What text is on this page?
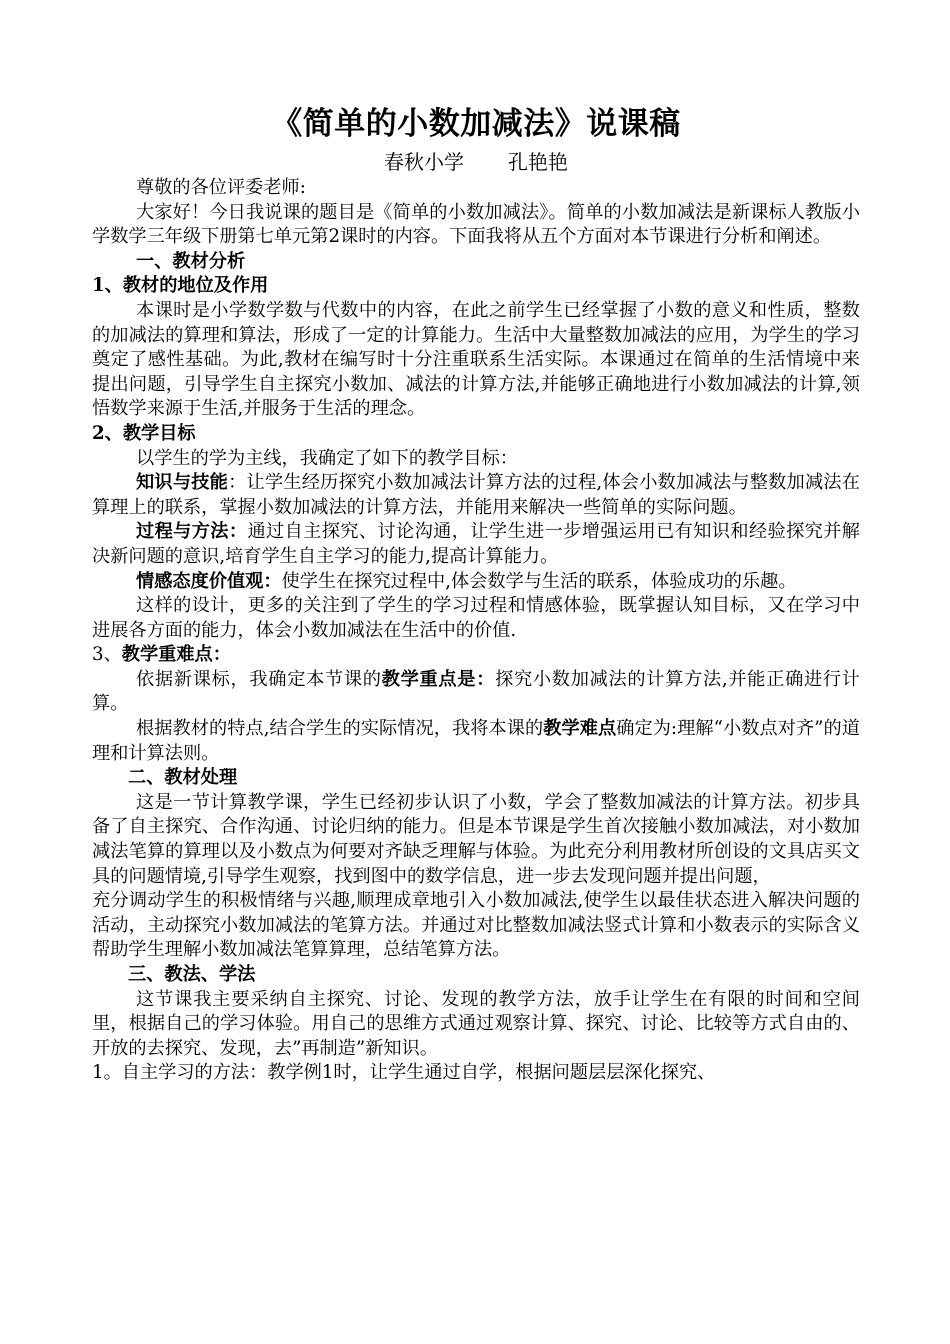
《简单的小数加减法》说课稿
春秋小学 孔艳艳

尊敬的各位评委老师:

大家好！今日我说课的题目是《简单的小数加减法》。简单的小数加减法是新课标人教版小学数学三年级下册第七单元第2课时的内容。下面我将从五个方面对本节课进行分析和阐述。

一、教材分析

1、教材的地位及作用

本课时是小学数学数与代数中的内容，在此之前学生已经掌握了小数的意义和性质，整数的加减法的算理和算法，形成了一定的计算能力。生活中大量整数加减法的应用，为学生的学习奠定了感性基础。为此,教材在编写时十分注重联系生活实际。本课通过在简单的生活情境中来提出问题，引导学生自主探究小数加、减法的计算方法,并能够正确地进行小数加减法的计算,领悟数学来源于生活,并服务于生活的理念。

2、教学目标

以学生的学为主线，我确定了如下的教学目标：

知识与技能：让学生经历探究小数加减法计算方法的过程,体会小数加减法与整数加减法在算理上的联系，掌握小数加减法的计算方法，并能用来解决一些简单的实际问题。

过程与方法：通过自主探究、讨论沟通，让学生进一步增强运用已有知识和经验探究并解决新问题的意识,培育学生自主学习的能力,提高计算能力。

情感态度价值观：使学生在探究过程中,体会数学与生活的联系，体验成功的乐趣。

这样的设计，更多的关注到了学生的学习过程和情感体验，既掌握认知目标，又在学习中进展各方面的能力，体会小数加减法在生活中的价值.

3、教学重难点：

依据新课标，我确定本节课的教学重点是：探究小数加减法的计算方法,并能正确进行计算。

根据教材的特点,结合学生的实际情况，我将本课的教学难点确定为:理解“小数点对齐”的道理和计算法则。

二、教材处理

这是一节计算教学课，学生已经初步认识了小数，学会了整数加减法的计算方法。初步具备了自主探究、合作沟通、讨论归纳的能力。但是本节课是学生首次接触小数加减法，对小数加减法笔算的算理以及小数点为何要对齐缺乏理解与体验。为此充分利用教材所创设的文具店买文具的问题情境,引导学生观察，找到图中的数学信息，进一步去发现问题并提出问题，

充分调动学生的积极情绪与兴趣,顺理成章地引入小数加减法,使学生以最佳状态进入解决问题的活动，主动探究小数加减法的笔算方法。并通过对比整数加减法竖式计算和小数表示的实际含义帮助学生理解小数加减法笔算算理，总结笔算方法。

三、教法、学法

这节课我主要采纳自主探究、讨论、发现的教学方法，放手让学生在有限的时间和空间里，根据自己的学习体验。用自己的思维方式通过观察计算、探究、讨论、比较等方式自由的、开放的去探究、发现，去”再制造”新知识。

1。自主学习的方法：教学例1时，让学生通过自学，根据问题层层深化探究、
